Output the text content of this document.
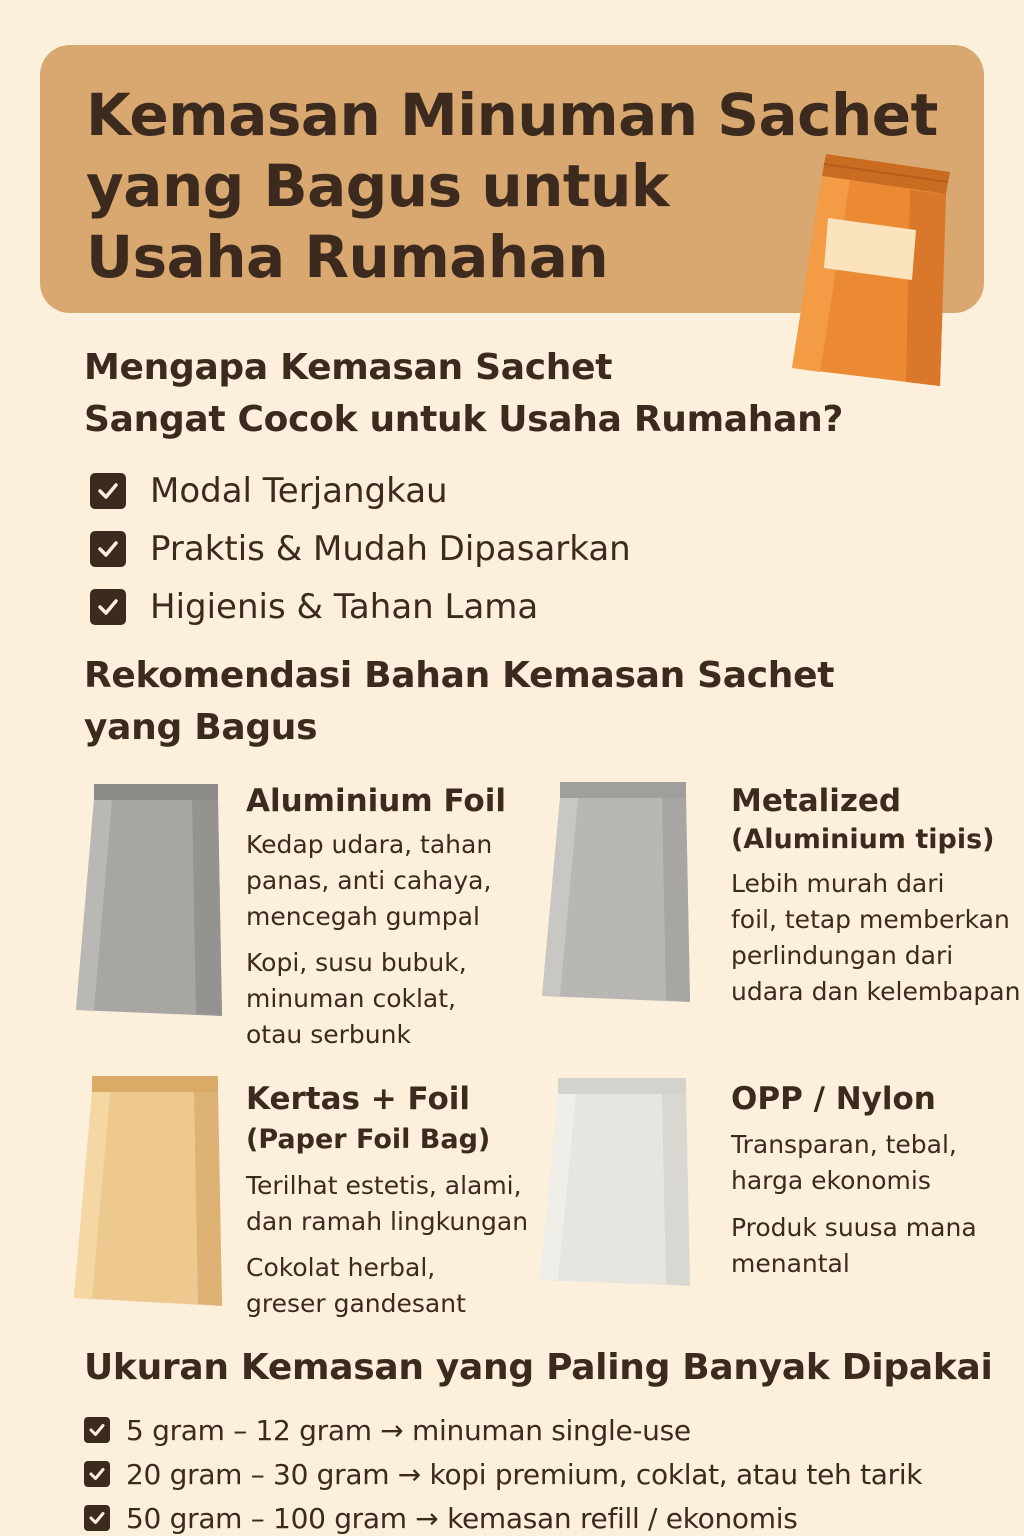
Kemasan Minuman Sachet
yang Bagus untuk
Usaha Rumahan
Mengapa Kemasan Sachet
Sangat Cocok untuk Usaha Rumahan?
Modal Terjangkau
Praktis & Mudah Dipasarkan
Higienis & Tahan Lama
Rekomendasi Bahan Kemasan Sachet
yang Bagus
Aluminium Foil
Kedap udara, tahan
panas, anti cahaya,
mencegah gumpal
Kopi, susu bubuk,
minuman coklat,
otau serbunk
Metalized
(Aluminium tipis)
Lebih murah dari
foil, tetap memberkan
perlindungan dari
udara dan kelembapan
Kertas + Foil
(Paper Foil Bag)
Terilhat estetis, alami,
dan ramah lingkungan
Cokolat herbal,
greser gandesant
OPP / Nylon
Transparan, tebal,
harga ekonomis
Produk suusa mana
menantal
Ukuran Kemasan yang Paling Banyak Dipakai
5 gram – 12 gram → minuman single-use
20 gram – 30 gram → kopi premium, coklat, atau teh tarik
50 gram – 100 gram → kemasan refill / ekonomis
